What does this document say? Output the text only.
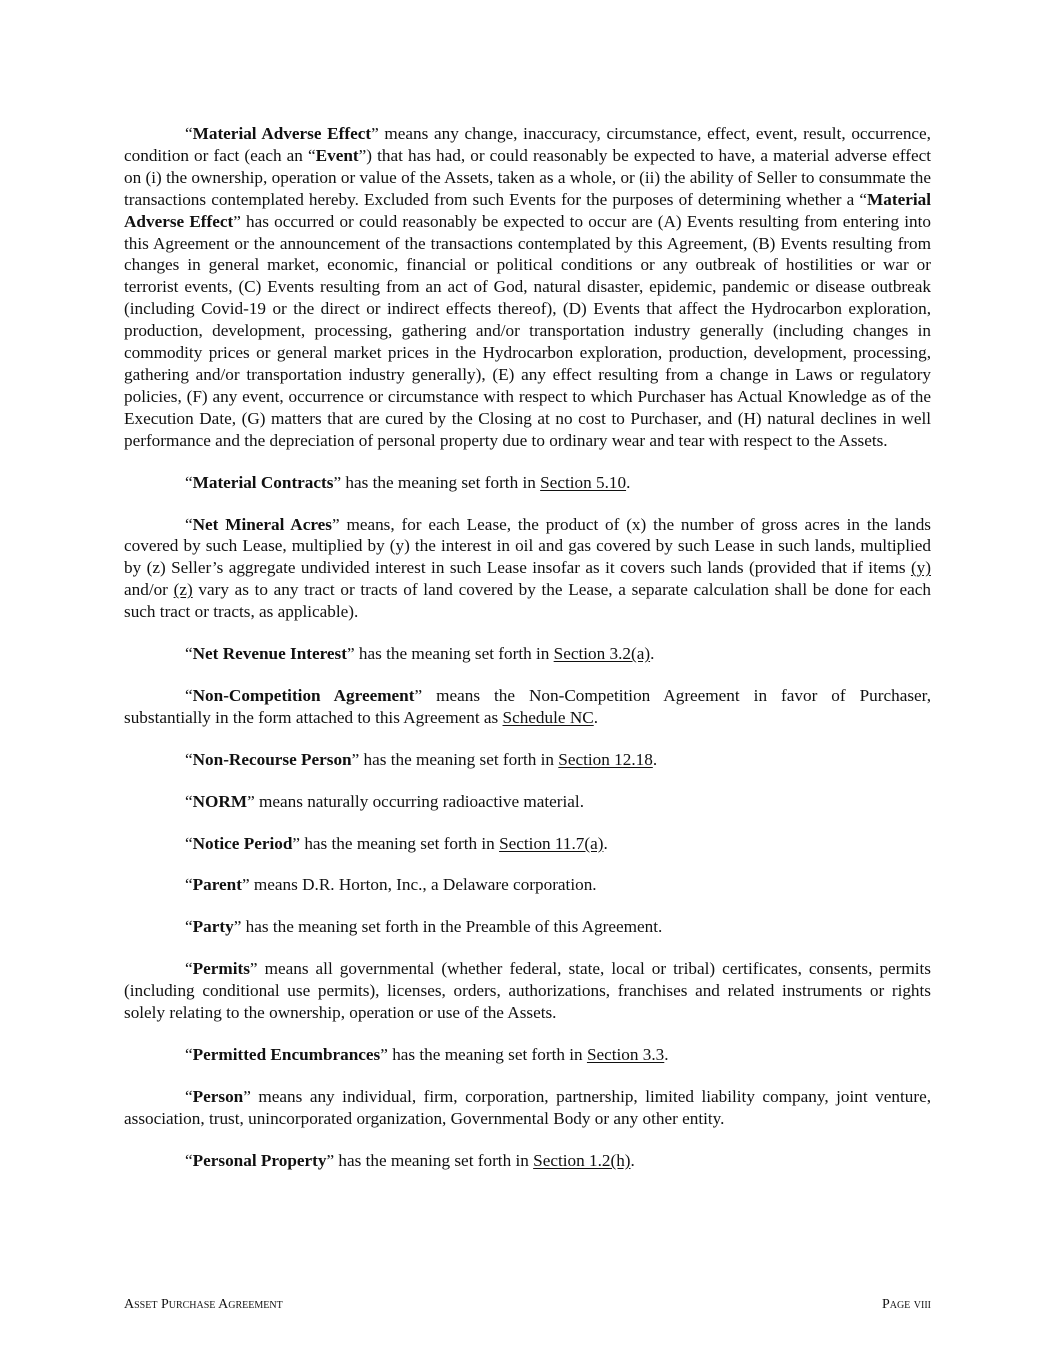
“Material Adverse Effect” means any change, inaccuracy, circumstance, effect, event, result, occurrence, condition or fact (each an “Event”) that has had, or could reasonably be expected to have, a material adverse effect on (i) the ownership, operation or value of the Assets, taken as a whole, or (ii) the ability of Seller to consummate the transactions contemplated hereby. Excluded from such Events for the purposes of determining whether a “Material Adverse Effect” has occurred or could reasonably be expected to occur are (A) Events resulting from entering into this Agreement or the announcement of the transactions contemplated by this Agreement, (B) Events resulting from changes in general market, economic, financial or political conditions or any outbreak of hostilities or war or terrorist events, (C) Events resulting from an act of God, natural disaster, epidemic, pandemic or disease outbreak (including Covid-19 or the direct or indirect effects thereof), (D) Events that affect the Hydrocarbon exploration, production, development, processing, gathering and/or transportation industry generally (including changes in commodity prices or general market prices in the Hydrocarbon exploration, production, development, processing, gathering and/or transportation industry generally), (E) any effect resulting from a change in Laws or regulatory policies, (F) any event, occurrence or circumstance with respect to which Purchaser has Actual Knowledge as of the Execution Date, (G) matters that are cured by the Closing at no cost to Purchaser, and (H) natural declines in well performance and the depreciation of personal property due to ordinary wear and tear with respect to the Assets.

“Material Contracts” has the meaning set forth in Section 5.10.

“Net Mineral Acres” means, for each Lease, the product of (x) the number of gross acres in the lands covered by such Lease, multiplied by (y) the interest in oil and gas covered by such Lease in such lands, multiplied by (z) Seller’s aggregate undivided interest in such Lease insofar as it covers such lands (provided that if items (y) and/or (z) vary as to any tract or tracts of land covered by the Lease, a separate calculation shall be done for each such tract or tracts, as applicable).

“Net Revenue Interest” has the meaning set forth in Section 3.2(a).

“Non-Competition Agreement” means the Non-Competition Agreement in favor of Purchaser, substantially in the form attached to this Agreement as Schedule NC.

“Non-Recourse Person” has the meaning set forth in Section 12.18.

“NORM” means naturally occurring radioactive material.

“Notice Period” has the meaning set forth in Section 11.7(a).

“Parent” means D.R. Horton, Inc., a Delaware corporation.

“Party” has the meaning set forth in the Preamble of this Agreement.

“Permits” means all governmental (whether federal, state, local or tribal) certificates, consents, permits (including conditional use permits), licenses, orders, authorizations, franchises and related instruments or rights solely relating to the ownership, operation or use of the Assets.

“Permitted Encumbrances” has the meaning set forth in Section 3.3.

“Person” means any individual, firm, corporation, partnership, limited liability company, joint venture, association, trust, unincorporated organization, Governmental Body or any other entity.

“Personal Property” has the meaning set forth in Section 1.2(h).

Asset Purchase Agreement	Page viii
